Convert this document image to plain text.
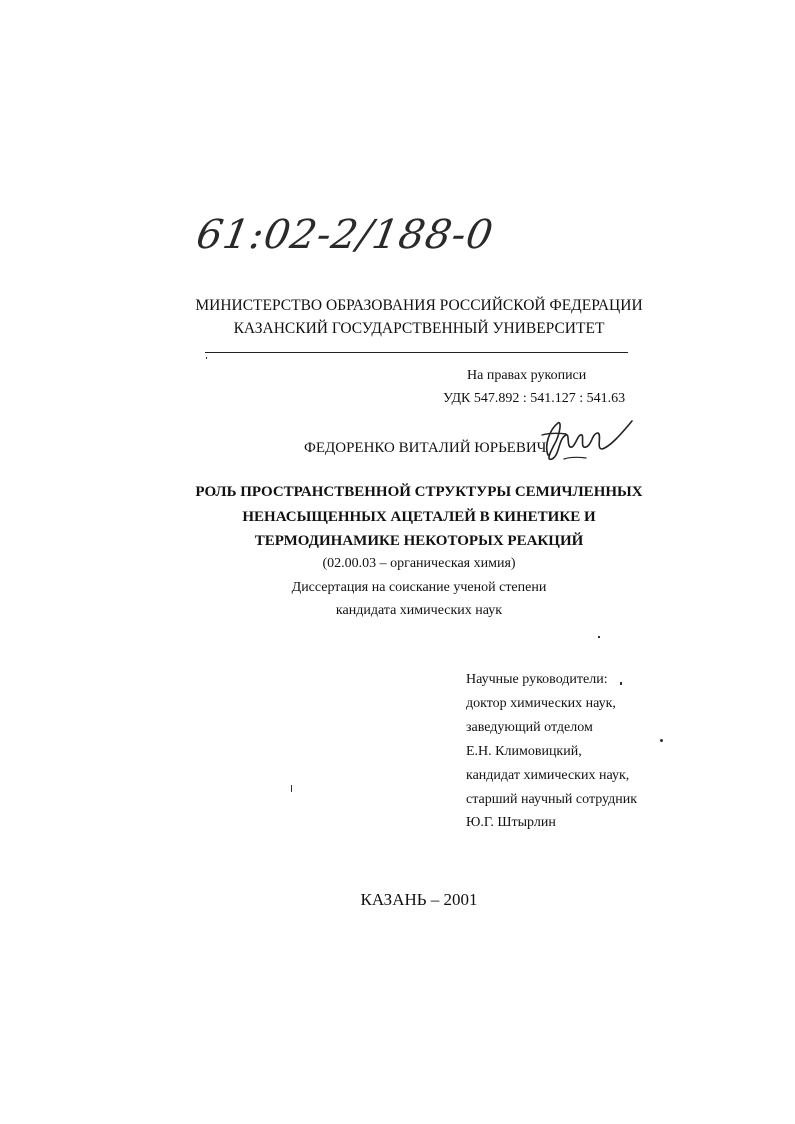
61:02-2/188-0
МИНИСТЕРСТВО ОБРАЗОВАНИЯ РОССИЙСКОЙ ФЕДЕРАЦИИ
КАЗАНСКИЙ ГОСУДАРСТВЕННЫЙ УНИВЕРСИТЕТ
На правах рукописи
УДК 547.892 : 541.127 : 541.63
ФЕДОРЕНКО ВИТАЛИЙ ЮРЬЕВИЧ
РОЛЬ ПРОСТРАНСТВЕННОЙ СТРУКТУРЫ СЕМИЧЛЕННЫХ
НЕНАСЫЩЕННЫХ АЦЕТАЛЕЙ В КИНЕТИКЕ И
ТЕРМОДИНАМИКЕ НЕКОТОРЫХ РЕАКЦИЙ
(02.00.03 – органическая химия)
Диссертация на соискание ученой степени
кандидата химических наук
Научные руководители:
доктор химических наук,
заведующий отделом
Е.Н. Климовицкий,
кандидат химических наук,
старший научный сотрудник
Ю.Г. Штырлин
КАЗАНЬ – 2001
